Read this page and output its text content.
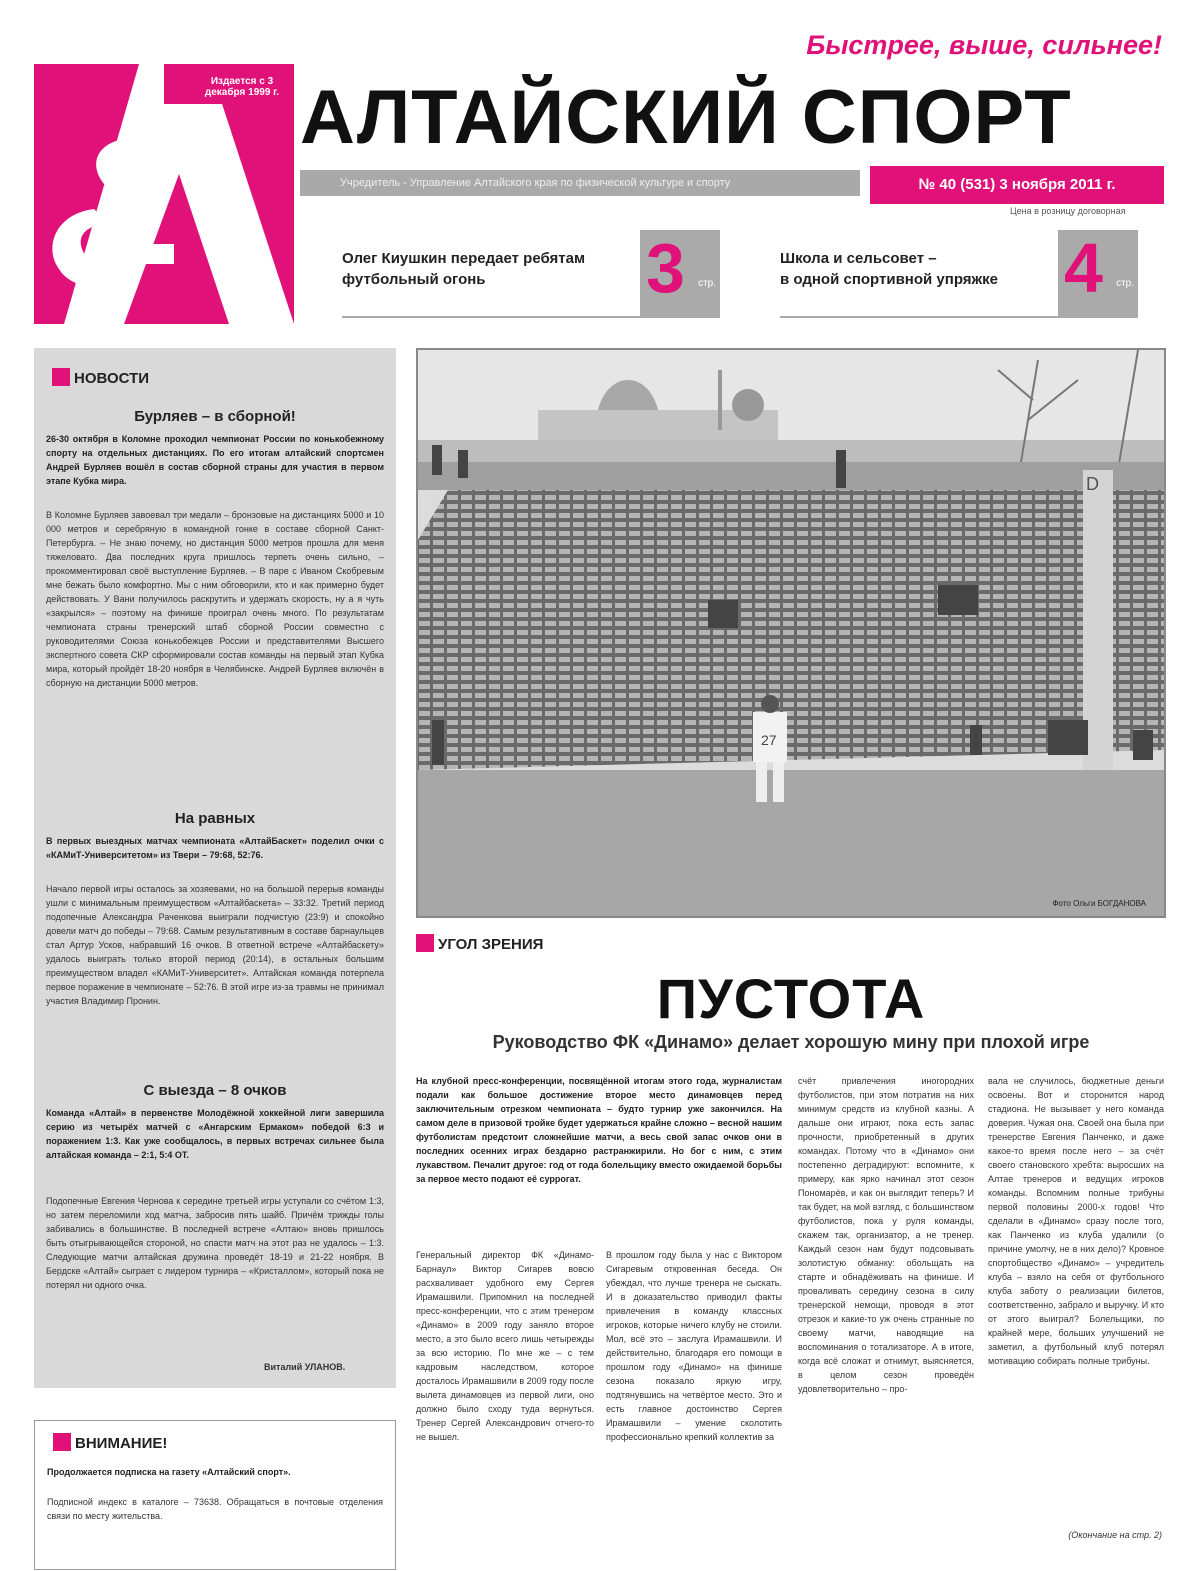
Быстрее, выше, сильнее!
Издается с 3 декабря 1999 г. АЛТАЙСКИЙ СПОРТ
Учредитель - Управление Алтайского края по физической культуре и спорту	№ 40 (531) 3 ноября 2011 г.
Цена в розницу договорная
Олег Киушкин передает ребятам
футбольный огонь	3 стр.
Школа и сельсовет –
в одной спортивной упряжке 4 стр.
НОВОСТИ
Бурляев – в сборной!
26-30 октября в Коломне проходил чемпионат России по конькобежному спорту на отдельных дистанциях. По его итогам алтайский спортсмен Андрей Бурляев вошёл в состав сборной страны для участия в первом этапе Кубка мира.
В Коломне Бурляев завоевал три медали – бронзовые на дистанциях 5000 и 10 000 метров и серебряную в командной гонке в составе сборной Санкт-Петербурга. – Не знаю почему, но дистанция 5000 метров прошла для меня тяжеловато. Два последних круга пришлось терпеть очень сильно, – прокомментировал своё выступление Бурляев. – В паре с Иваном Скобревым мне бежать было комфортно. Мы с ним обговорили, кто и как примерно будет действовать. У Вани получилось раскрутить и удержать скорость, ну а я чуть «закрылся» – поэтому на финише проиграл очень много. По результатам чемпионата страны тренерский штаб сборной России совместно с руководителями Союза конькобежцев России и представителями Высшего экспертного совета СКР сформировали состав команды на первый этап Кубка мира, который пройдёт 18-20 ноября в Челябинске. Андрей Бурляев включён в сборную на дистанции 5000 метров.
На равных
В первых выездных матчах чемпионата «АлтайБаскет» поделил очки с «КАМиТ-Университетом» из Твери – 79:68, 52:76.
Начало первой игры осталось за хозяевами, но на большой перерыв команды ушли с минимальным преимуществом «Алтайбаскета» – 33:32. Третий период подопечные Александра Раченкова выиграли подчистую (23:9) и спокойно довели матч до победы – 79:68. Самым результативным в составе барнаульцев стал Артур Усков, набравший 16 очков. В ответной встрече «Алтайбаскету» удалось выиграть только второй период (20:14), в остальных большим преимуществом владел «КАМиТ-Университет». Алтайская команда потерпела первое поражение в чемпионате – 52:76. В этой игре из-за травмы не принимал участия Владимир Пронин.
С выезда – 8 очков
Команда «Алтай» в первенстве Молодёжной хоккейной лиги завершила серию из четырёх матчей с «Ангарским Ермаком» победой 6:3 и поражением 1:3. Как уже сообщалось, в первых встречах сильнее была алтайская команда – 2:1, 5:4 ОТ.
Подопечные Евгения Чернова к середине третьей игры уступали со счётом 1:3, но затем переломили ход матча, забросив пять шайб. Причём трижды голы забивались в большинстве. В последней встрече «Алтаю» вновь пришлось быть отыгрывающейся стороной, но спасти матч на этот раз не удалось – 1:3. Следующие матчи алтайская дружина проведёт 18-19 и 21-22 ноября. В Бердске «Алтай» сыграет с лидером турнира – «Кристаллом», который пока не потерял ни одного очка.
Виталий УЛАНОВ.
ВНИМАНИЕ!
Продолжается подписка на газету «Алтайский спорт».
Подписной индекс в каталоге – 73638. Обращаться в почтовые отделения связи по месту жительства.
D
27
Фото Ольги БОГДАНОВА
УГОЛ ЗРЕНИЯ
ПУСТОТА
Руководство ФК «Динамо» делает хорошую мину при плохой игре
На клубной пресс-конференции, посвящённой итогам этого года, журналистам подали как большое достижение второе место динамовцев перед заключительным отрезком чемпионата – будто турнир уже закончился. На самом деле в призовой тройке будет удержаться крайне сложно – весной нашим футболистам предстоит сложнейшие матчи, а весь свой запас очков они в последних осенних играх бездарно растранжирили. Но бог с ним, с этим лукавством. Печалит другое: год от года болельщику вместо ожидаемой борьбы за первое место подают её суррогат.
Генеральный директор ФК «Динамо-Барнаул» Виктор Сигарев вовсю расхваливает удобного ему Сергея Ирамашвили. Припомнил на последней пресс-конференции, что с этим тренером «Динамо» в 2009 году заняло второе место, а это было всего лишь четырежды за всю историю. По мне же – с тем кадровым наследством, которое досталось Ирамашвили в 2009 году после вылета динамовцев из первой лиги, оно должно было сходу туда вернуться. Тренер Сергей Александрович отчего-то не вышел.
В прошлом году была у нас с Виктором Сигаревым откровенная беседа. Он убеждал, что лучше тренера не сыскать. И в доказательство приводил факты привлечения в команду классных игроков, которые ничего клубу не стоили. Мол, всё это – заслуга Ирамашвили. И действительно, благодаря его помощи в прошлом году «Динамо» на финише сезона показало яркую игру, подтянувшись на четвёртое место. Это и есть главное достоинство Сергея Ирамашвили – умение сколотить профессионально крепкий коллектив за
счёт привлечения иногородних футболистов, при этом потратив на них минимум средств из клубной казны. А дальше они играют, пока есть запас прочности, приобретенный в других командах. Потому что в «Динамо» они постепенно деградируют: вспомните, к примеру, как ярко начинал этот сезон Пономарёв, и как он выглядит теперь? И так будет, на мой взгляд, с большинством футболистов, пока у руля команды, скажем так, организатор, а не тренер. Каждый сезон нам будут подсовывать золотистую обманку: обольщать на старте и обнадёживать на финише. И проваливать середину сезона в силу тренерской немощи, проводя в этот отрезок и какие-то уж очень странные по своему матчи, наводящие на воспоминания о тотализаторе. А в итоге, когда всё сложат и отнимут, выясняется, в целом сезон проведён удовлетворительно – про-
вала не случилось, бюджетные деньги освоены. Вот и сторонится народ стадиона. Не вызывает у него команда доверия. Чужая она. Своей она была при тренерстве Евгения Панченко, и даже какое-то время после него – за счёт своего становского хребта: выросших на Алтае тренеров и ведущих игроков команды. Вспомним полные трибуны первой половины 2000-х годов! Что сделали в «Динамо» сразу после того, как Панченко из клуба удалили (о причине умолчу, не в них дело)? Кровное спортобщество «Динамо» – учредитель клуба – взяло на себя от футбольного клуба заботу о реализации билетов, соответственно, забрало и выручку. И кто от этого выиграл? Болельщики, по крайней мере, больших улучшений не заметил, а футбольный клуб потерял мотивацию собирать полные трибуны.
(Окончание на стр. 2)
